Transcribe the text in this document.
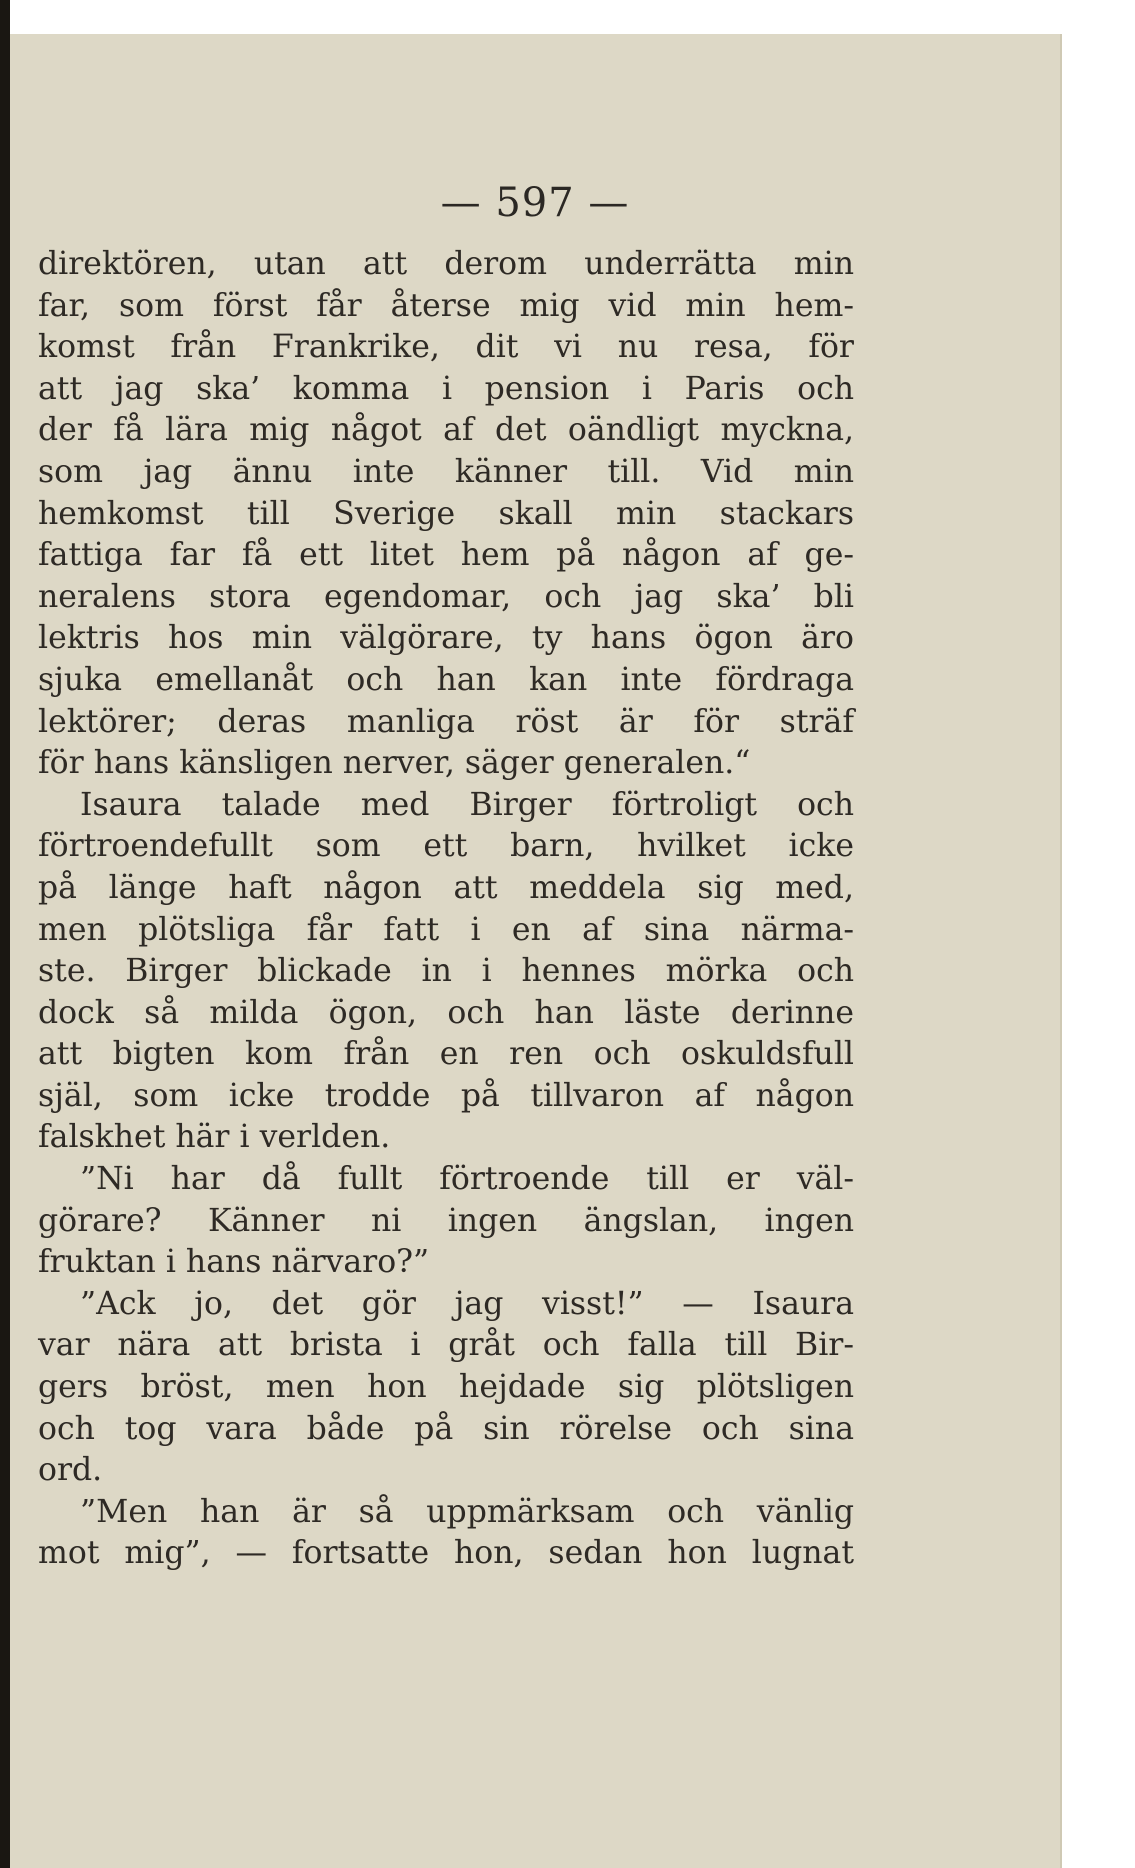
— 597 —
direktören, utan att derom underrätta min
far, som först får återse mig vid min hem-
komst från Frankrike, dit vi nu resa, för
att jag ska’ komma i pension i Paris och
der få lära mig något af det oändligt myckna,
som jag ännu inte känner till. Vid min
hemkomst till Sverige skall min stackars
fattiga far få ett litet hem på någon af ge-
neralens stora egendomar, och jag ska’ bli
lektris hos min välgörare, ty hans ögon äro
sjuka emellanåt och han kan inte fördraga
lektörer; deras manliga röst är för sträf
för hans känsligen nerver, säger generalen.“
Isaura talade med Birger förtroligt och
förtroendefullt som ett barn, hvilket icke
på länge haft någon att meddela sig med,
men plötsliga får fatt i en af sina närma-
ste. Birger blickade in i hennes mörka och
dock så milda ögon, och han läste derinne
att bigten kom från en ren och oskuldsfull
själ, som icke trodde på tillvaron af någon
falskhet här i verlden.
”Ni har då fullt förtroende till er väl-
görare? Känner ni ingen ängslan, ingen
fruktan i hans närvaro?”
”Ack jo, det gör jag visst!” — Isaura
var nära att brista i gråt och falla till Bir-
gers bröst, men hon hejdade sig plötsligen
och tog vara både på sin rörelse och sina
ord.
”Men han är så uppmärksam och vänlig
mot mig”, — fortsatte hon, sedan hon lugnat
